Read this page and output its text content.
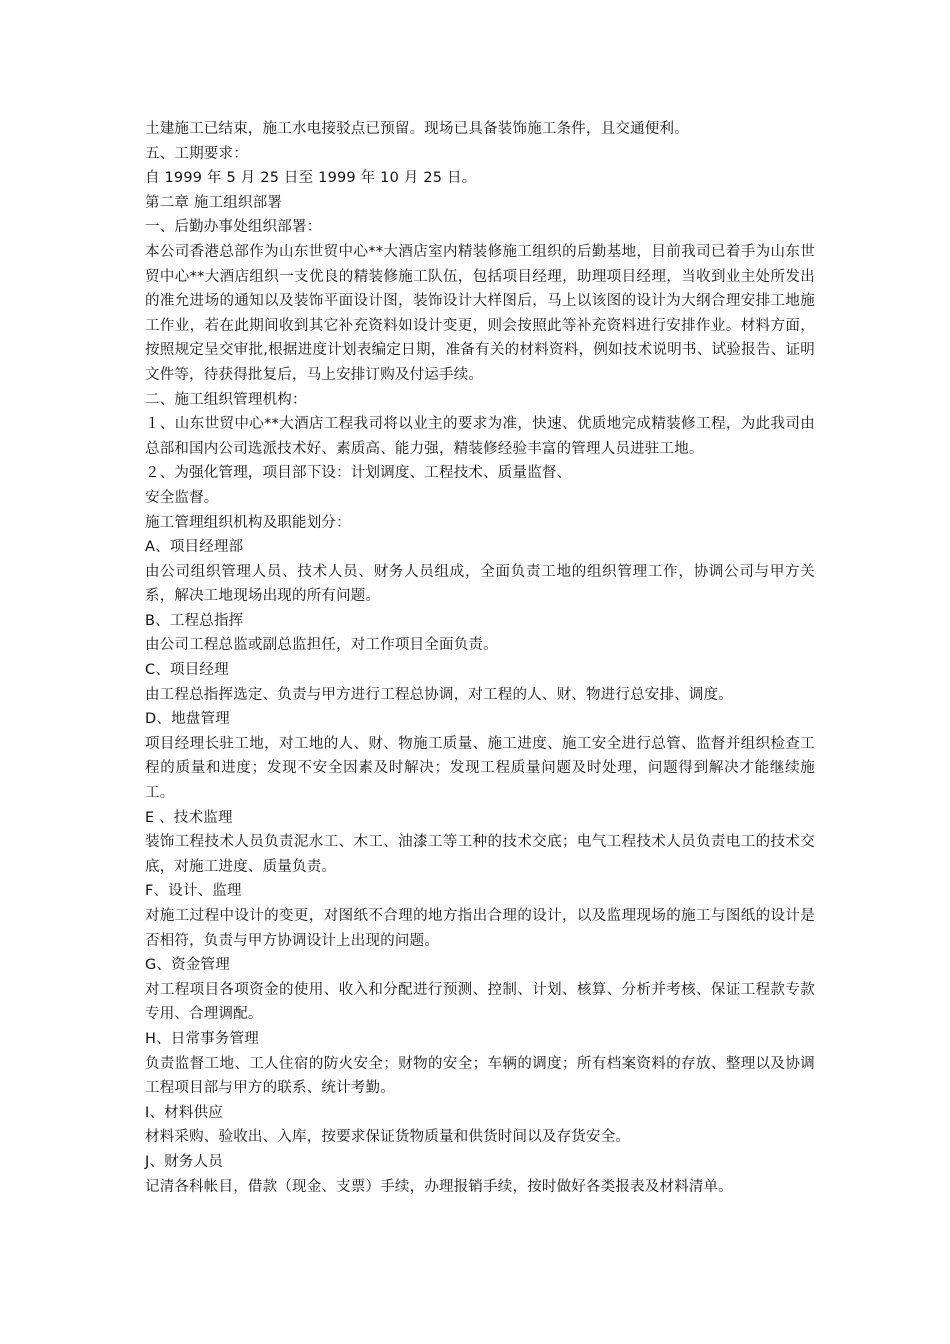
土建施工已结束，施工水电接驳点已预留。现场已具备装饰施工条件，且交通便利。

五、工期要求：

自 1999 年 5 月 25 日至 1999 年 10 月 25 日。

第二章 施工组织部署

一、后勤办事处组织部署：

本公司香港总部作为山东世贸中心**大酒店室内精装修施工组织的后勤基地，目前我司已着手为山东世贸中心**大酒店组织一支优良的精装修施工队伍，包括项目经理，助理项目经理，当收到业主处所发出的准允进场的通知以及装饰平面设计图，装饰设计大样图后，马上以该图的设计为大纲合理安排工地施工作业，若在此期间收到其它补充资料如设计变更，则会按照此等补充资料进行安排作业。材料方面，按照规定呈交审批,根据进度计划表编定日期，准备有关的材料资料，例如技术说明书、试验报告、证明文件等，待获得批复后，马上安排订购及付运手续。

二、施工组织管理机构：

１、山东世贸中心**大酒店工程我司将以业主的要求为准，快速、优质地完成精装修工程，为此我司由总部和国内公司选派技术好、素质高、能力强，精装修经验丰富的管理人员进驻工地。

２、为强化管理，项目部下设：计划调度、工程技术、质量监督、

安全监督。

施工管理组织机构及职能划分：

A、项目经理部

由公司组织管理人员、技术人员、财务人员组成，全面负责工地的组织管理工作，协调公司与甲方关系，解决工地现场出现的所有问题。

B、工程总指挥

由公司工程总监或副总监担任，对工作项目全面负责。

C、项目经理

由工程总指挥选定、负责与甲方进行工程总协调，对工程的人、财、物进行总安排、调度。

D、地盘管理

项目经理长驻工地，对工地的人、财、物施工质量、施工进度、施工安全进行总管、监督并组织检查工程的质量和进度；发现不安全因素及时解决；发现工程质量问题及时处理，问题得到解决才能继续施工。

E 、技术监理

装饰工程技术人员负责泥水工、木工、油漆工等工种的技术交底；电气工程技术人员负责电工的技术交底，对施工进度、质量负责。

F、设计、监理

对施工过程中设计的变更，对图纸不合理的地方指出合理的设计，以及监理现场的施工与图纸的设计是否相符，负责与甲方协调设计上出现的问题。

G、资金管理

对工程项目各项资金的使用、收入和分配进行预测、控制、计划、核算、分析并考核、保证工程款专款专用、合理调配。

H、日常事务管理

负责监督工地、工人住宿的防火安全；财物的安全；车辆的调度；所有档案资料的存放、整理以及协调工程项目部与甲方的联系、统计考勤。

I、材料供应

材料采购、验收出、入库，按要求保证货物质量和供货时间以及存货安全。

J、财务人员

记清各科帐目，借款（现金、支票）手续，办理报销手续，按时做好各类报表及材料清单。
